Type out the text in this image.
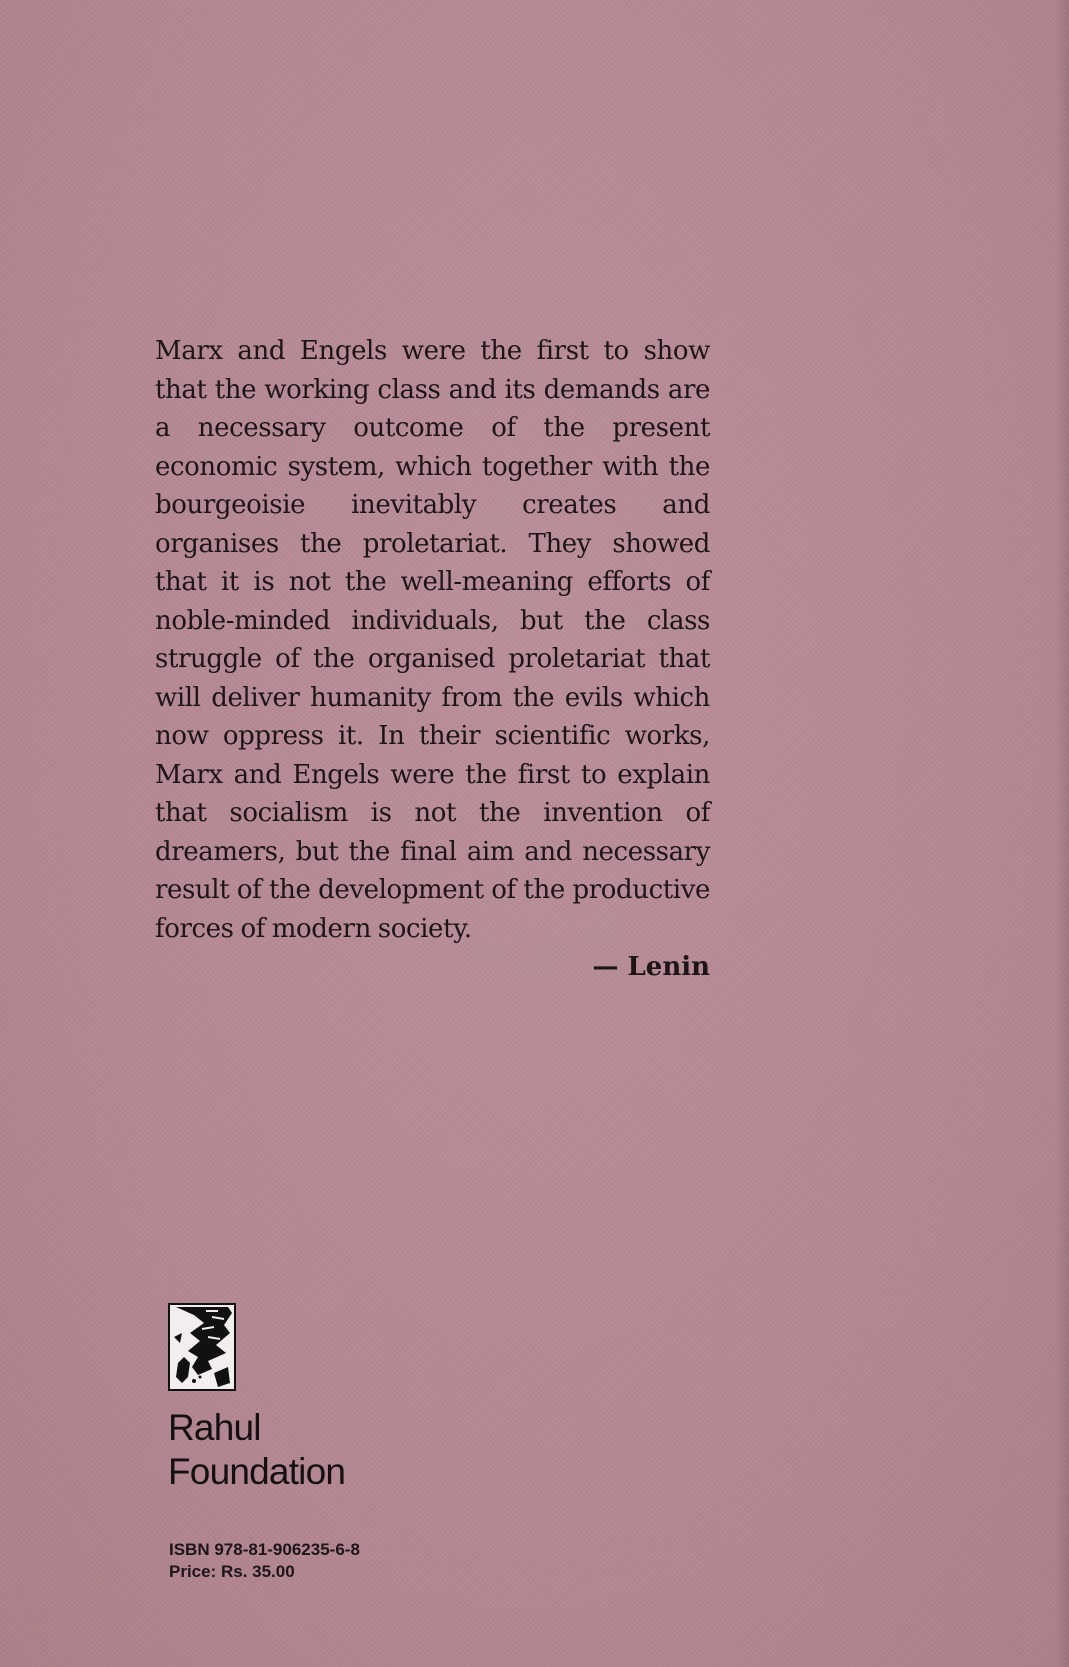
Marx and Engels were the first to show that the working class and its demands are a necessary outcome of the present economic system, which together with the bourgeoisie inevitably creates and organises the proletariat. They showed that it is not the well-meaning efforts of noble-minded individuals, but the class struggle of the organised proletariat that will deliver humanity from the evils which now oppress it. In their scientific works, Marx and Engels were the first to explain that socialism is not the invention of dreamers, but the final aim and necessary result of the development of the productive forces of modern society.

— Lenin
Rahul
Foundation
ISBN 978-81-906235-6-8
Price: Rs. 35.00
